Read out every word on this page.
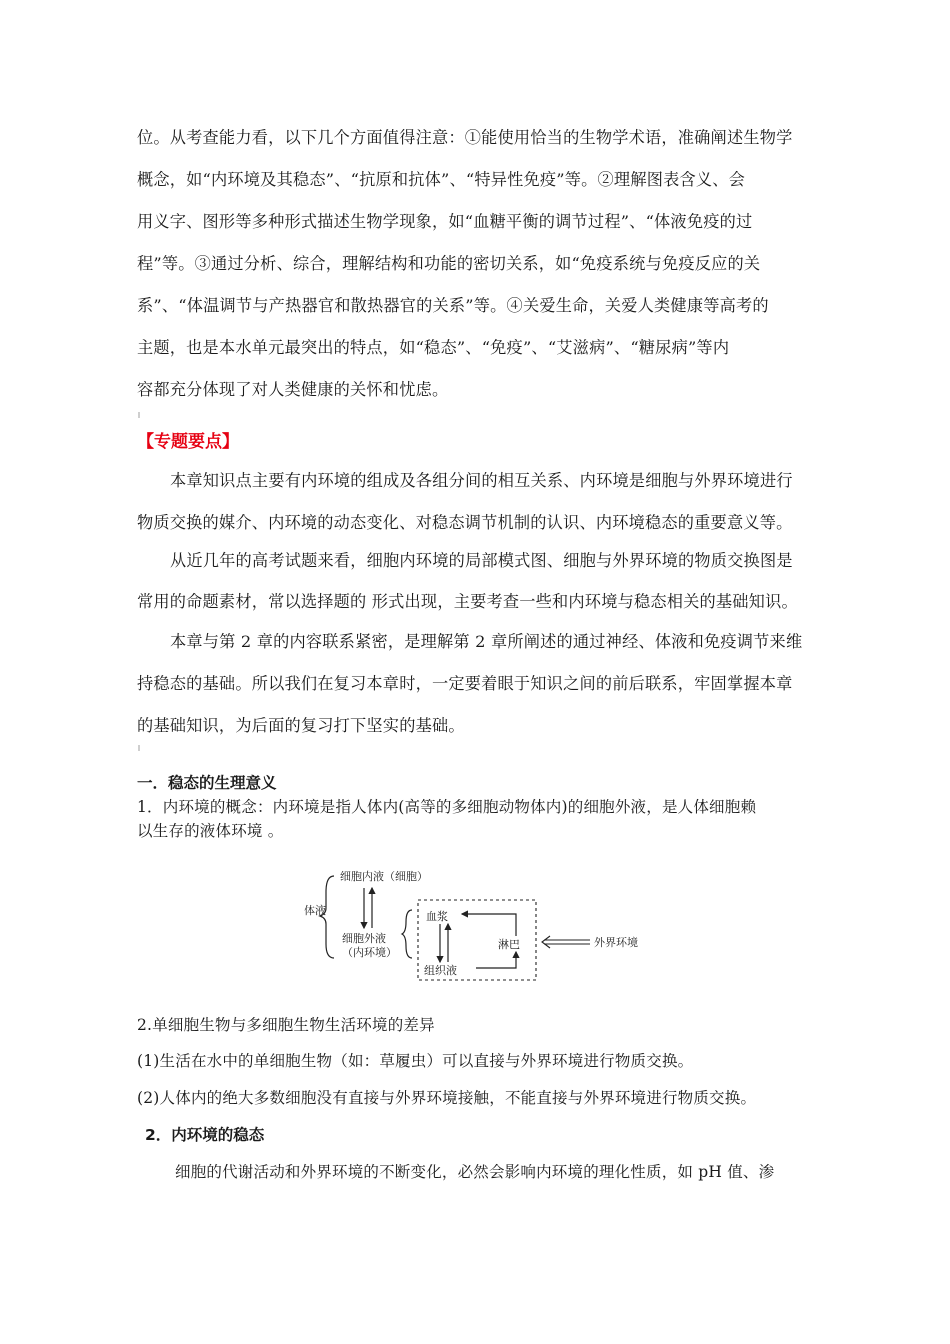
位。从考查能力看，以下几个方面值得注意：①能使用恰当的生物学术语，准确阐述生物学
概念，如“内环境及其稳态”、“抗原和抗体”、“特异性免疫”等。②理解图表含义、会
用义字、图形等多种形式描述生物学现象，如“血糖平衡的调节过程”、“体液免疫的过
程”等。③通过分析、综合，理解结构和功能的密切关系，如“免疫系统与免疫反应的关
系”、“体温调节与产热器官和散热器官的关系”等。④关爱生命，关爱人类健康等高考的
主题，也是本水单元最突出的特点，如“稳态”、“免疫”、“艾滋病”、“糖尿病”等内
容都充分体现了对人类健康的关怀和忧虑。
【专题要点】
本章知识点主要有内环境的组成及各组分间的相互关系、内环境是细胞与外界环境进行
物质交换的媒介、内环境的动态变化、对稳态调节机制的认识、内环境稳态的重要意义等。
从近几年的高考试题来看，细胞内环境的局部模式图、细胞与外界环境的物质交换图是
常用的命题素材，常以选择题的 形式出现，主要考查一些和内环境与稳态相关的基础知识。
本章与第 2 章的内容联系紧密，是理解第 2 章所阐述的通过神经、体液和免疫调节来维
持稳态的基础。所以我们在复习本章时，一定要着眼于知识之间的前后联系，牢固掌握本章
的基础知识，为后面的复习打下坚实的基础。
一．稳态的生理意义
1．内环境的概念：内环境是指人体内(高等的多细胞动物体内)的细胞外液，是人体细胞赖
以生存的液体环境 。
体液
细胞内液（细胞）
细胞外液
（内环境）
血浆
组织液
淋巴	外界环境
2.单细胞生物与多细胞生物生活环境的差异
(1)生活在水中的单细胞生物（如：草履虫）可以直接与外界环境进行物质交换。
(2)人体内的绝大多数细胞没有直接与外界环境接触，不能直接与外界环境进行物质交换。
2．内环境的稳态
细胞的代谢活动和外界环境的不断变化，必然会影响内环境的理化性质，如 pH 值、渗
